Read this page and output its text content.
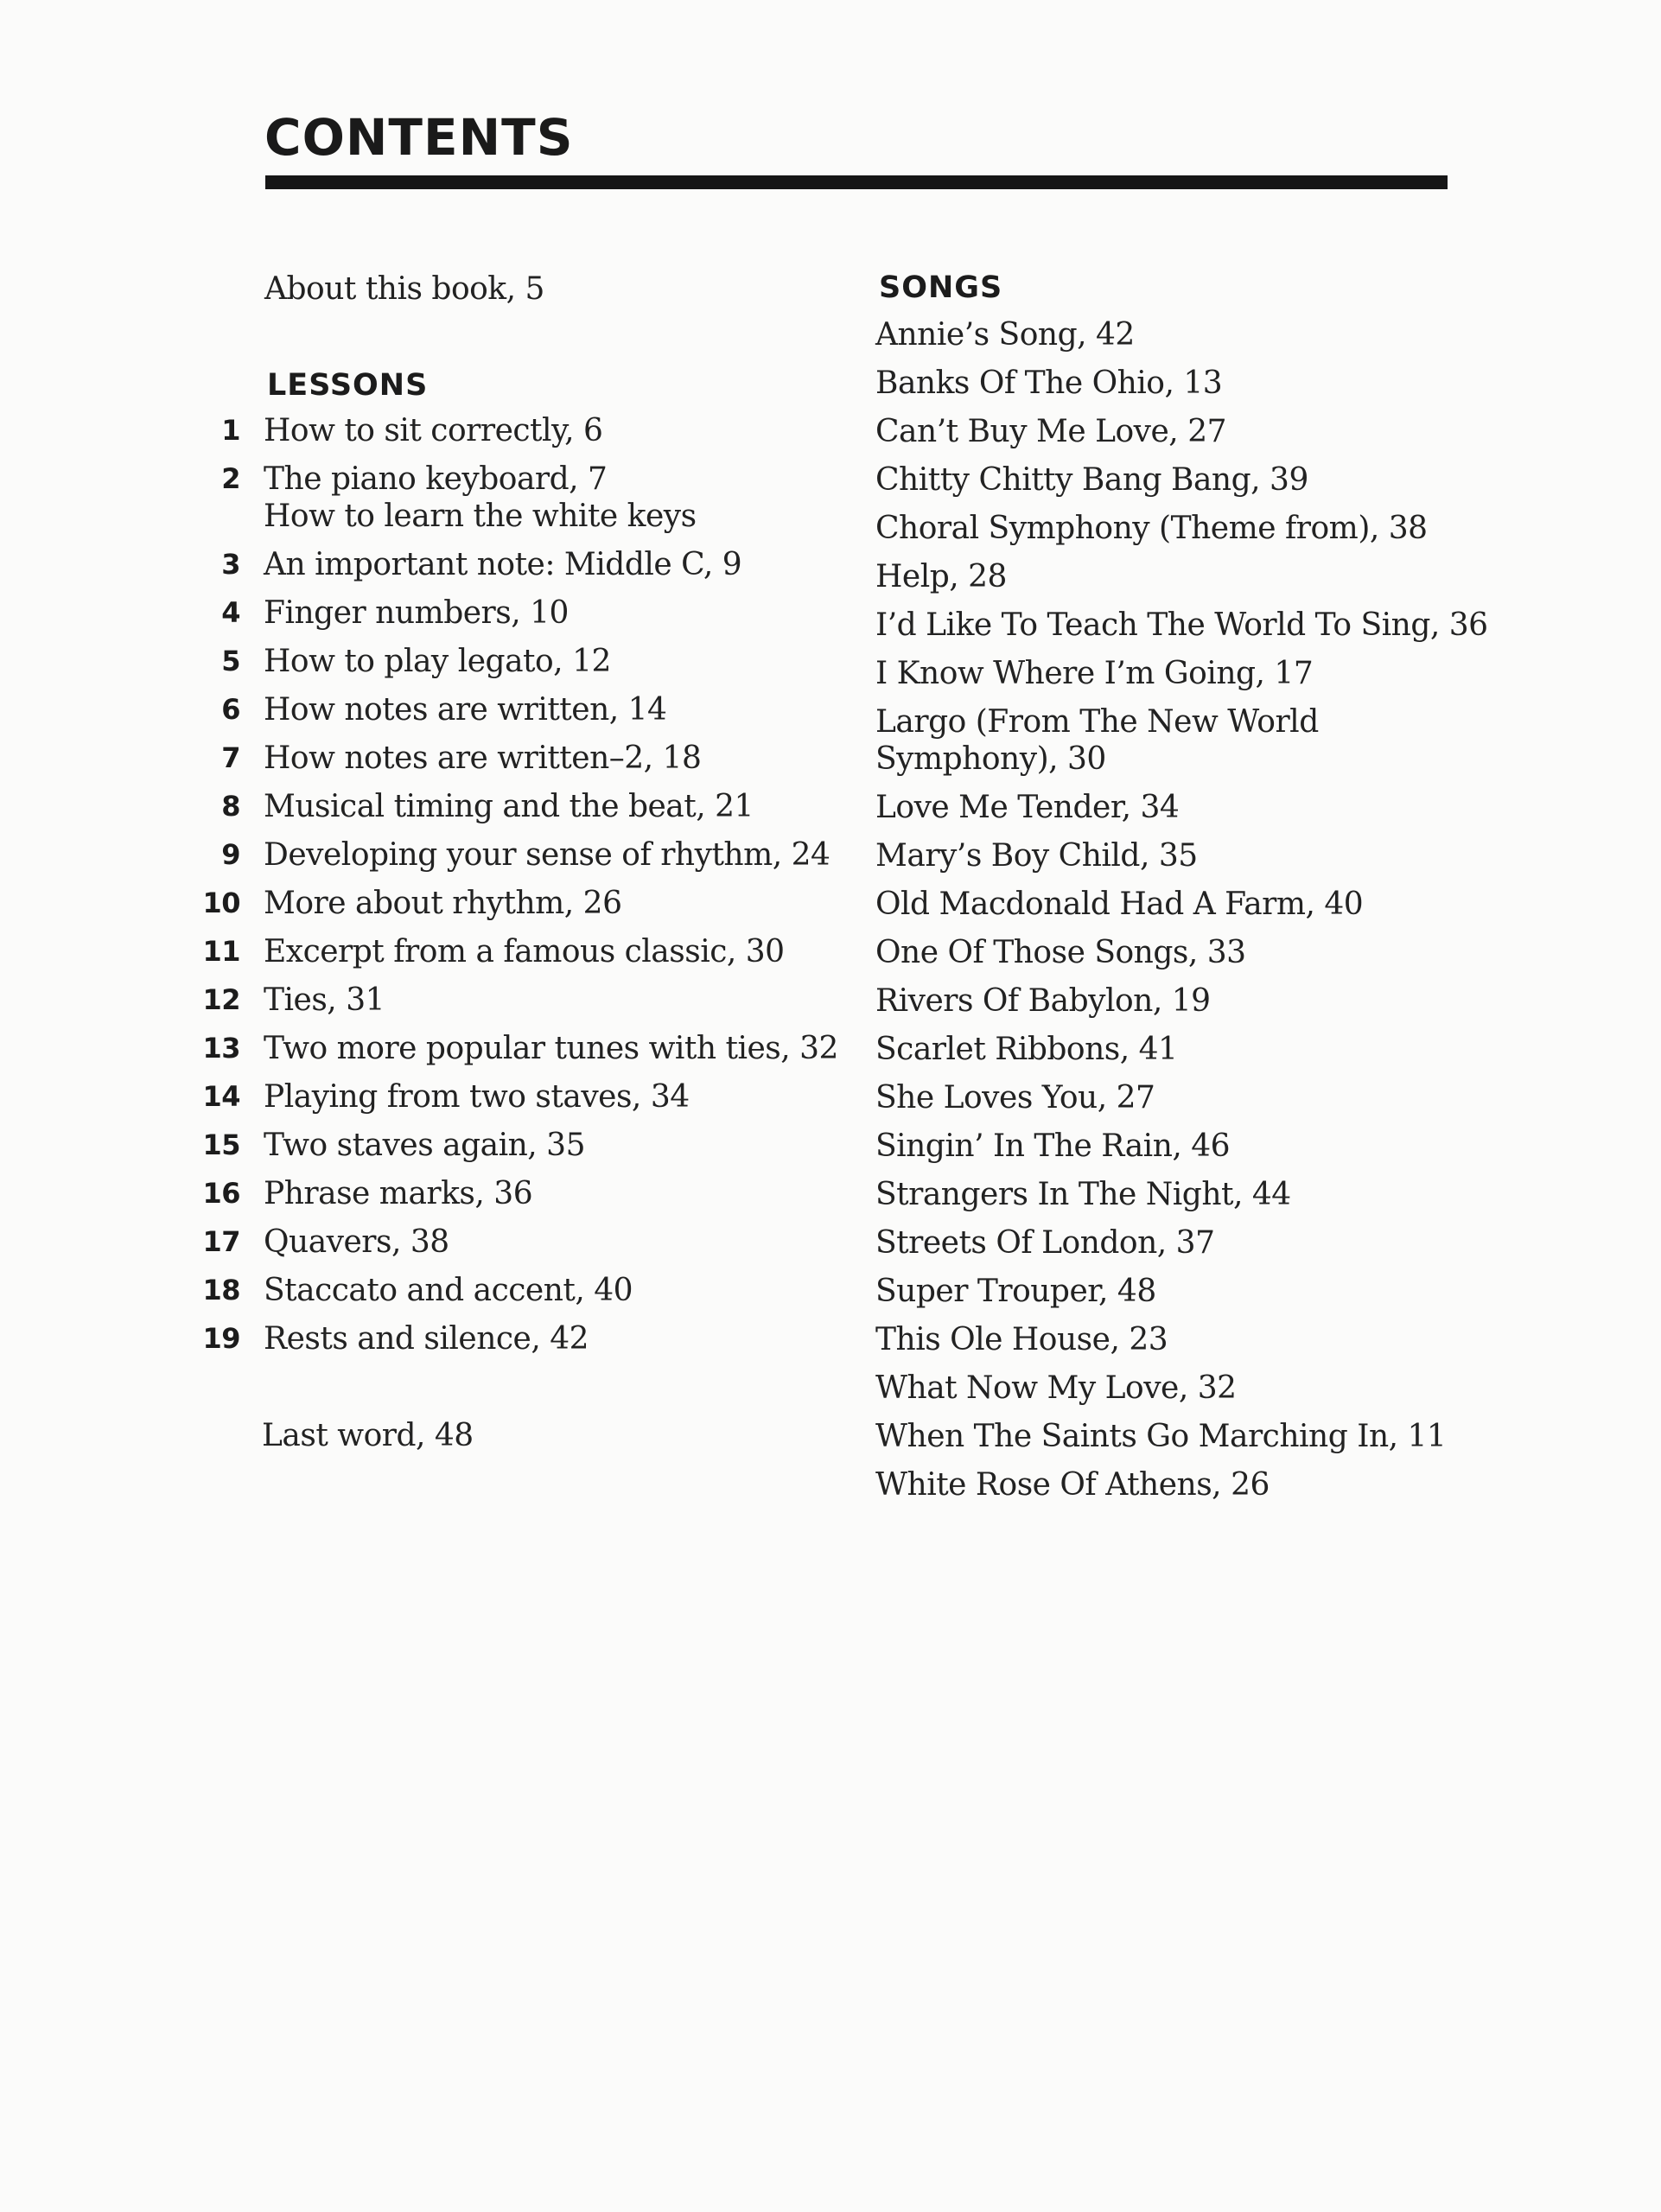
CONTENTS
About this book, 5
LESSONS
1 How to sit correctly, 6
2 The piano keyboard, 7
How to learn the white keys
3 An important note: Middle C, 9
4 Finger numbers, 10
5 How to play legato, 12
6 How notes are written, 14
7 How notes are written–2, 18
8 Musical timing and the beat, 21
9 Developing your sense of rhythm, 24
10 More about rhythm, 26
11 Excerpt from a famous classic, 30
12 Ties, 31
13 Two more popular tunes with ties, 32
14 Playing from two staves, 34
15 Two staves again, 35
16 Phrase marks, 36
17 Quavers, 38
18 Staccato and accent, 40
19 Rests and silence, 42
Last word, 48
SONGS
Annie’s Song, 42
Banks Of The Ohio, 13
Can’t Buy Me Love, 27
Chitty Chitty Bang Bang, 39
Choral Symphony (Theme from), 38
Help, 28
I’d Like To Teach The World To Sing, 36
I Know Where I’m Going, 17
Largo (From The New World Symphony), 30
Love Me Tender, 34
Mary’s Boy Child, 35
Old Macdonald Had A Farm, 40
One Of Those Songs, 33
Rivers Of Babylon, 19
Scarlet Ribbons, 41
She Loves You, 27
Singin’ In The Rain, 46
Strangers In The Night, 44
Streets Of London, 37
Super Trouper, 48
This Ole House, 23
What Now My Love, 32
When The Saints Go Marching In, 11
White Rose Of Athens, 26
